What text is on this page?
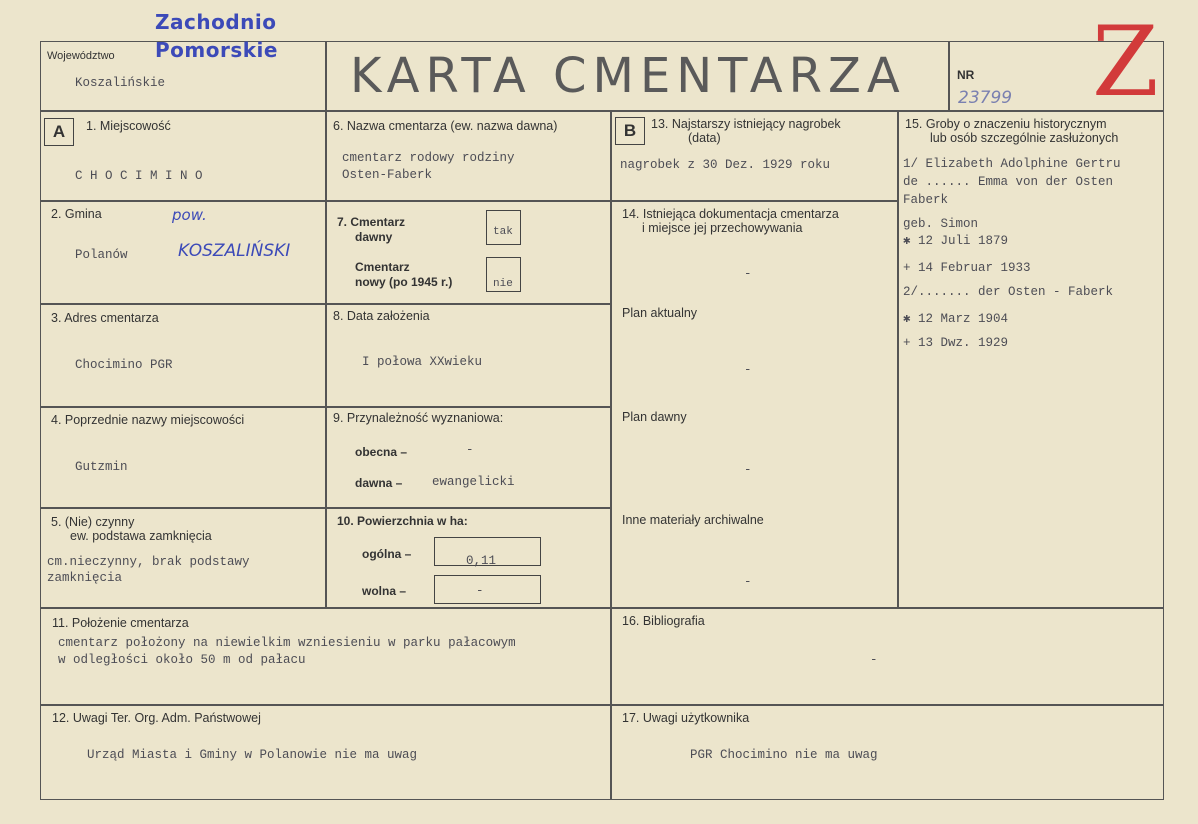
Zachodnio
Pomorskie
Województwo
Koszalińskie	KARTA CMENTARZA	NR
23799 Z
A	1. Miejscowość
C H O C I M I N O
2. Gmina	pow.
Polanów	KOSZALIŃSKI
3. Adres cmentarza
Chocimino PGR
4. Poprzednie nazwy miejscowości
Gutzmin
5. (Nie) czynny
ew. podstawa zamknięcia
cm.nieczynny, brak podstawy
zamknięcia
6. Nazwa cmentarza (ew. nazwa dawna)
cmentarz rodowy rodziny
Osten-Faberk
7. Cmentarz
dawny	tak
Cmentarz
nowy (po 1945 r.)	nie
8. Data założenia
I połowa XXwieku
9. Przynależność wyznaniowa:
obecna –	-
dawna – ewangelicki
10. Powierzchnia w ha:
ogólna –	0,11
wolna –	-
B	13. Najstarszy istniejący nagrobek
(data)
nagrobek z 30 Dez. 1929 roku
14. Istniejąca dokumentacja cmentarza
i miejsce jej przechowywania
-
Plan aktualny
-
Plan dawny
-
Inne materiały archiwalne
-
15. Groby o znaczeniu historycznym
lub osób szczególnie zasłużonych
1/ Elizabeth Adolphine Gertru
de ...... Emma von der Osten
Faberk
geb. Simon
✱ 12 Juli 1879
+ 14 Februar 1933
2/....... der Osten - Faberk
✱ 12 Marz 1904
+ 13 Dwz. 1929
11. Położenie cmentarza
cmentarz położony na niewielkim wzniesieniu w parku pałacowym
w odległości około 50 m od pałacu
16. Bibliografia
-
12. Uwagi Ter. Org. Adm. Państwowej
Urząd Miasta i Gminy w Polanowie nie ma uwag
17. Uwagi użytkownika
PGR Chocimino nie ma uwag
